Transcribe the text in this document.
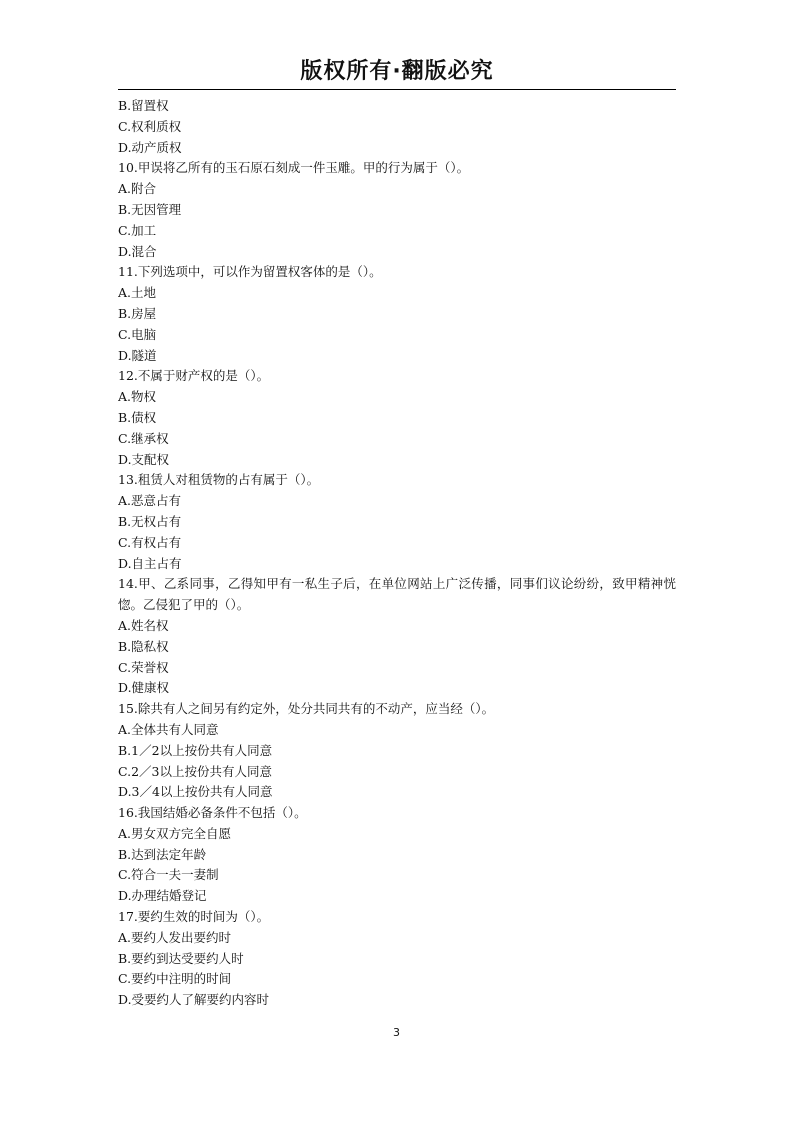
版权所有·翻版必究
B.留置权
C.权利质权
D.动产质权
10.甲误将乙所有的玉石原石刻成一件玉雕。甲的行为属于（）。
A.附合
B.无因管理
C.加工
D.混合
11.下列选项中，可以作为留置权客体的是（）。
A.土地
B.房屋
C.电脑
D.隧道
12.不属于财产权的是（）。
A.物权
B.债权
C.继承权
D.支配权
13.租赁人对租赁物的占有属于（）。
A.恶意占有
B.无权占有
C.有权占有
D.自主占有
14.甲、乙系同事，乙得知甲有一私生子后，在单位网站上广泛传播，同事们议论纷纷，致甲精神恍惚。乙侵犯了甲的（）。
A.姓名权
B.隐私权
C.荣誉权
D.健康权
15.除共有人之间另有约定外，处分共同共有的不动产，应当经（）。
A.全体共有人同意
B.1／2以上按份共有人同意
C.2／3以上按份共有人同意
D.3／4以上按份共有人同意
16.我国结婚必备条件不包括（）。
A.男女双方完全自愿
B.达到法定年龄
C.符合一夫一妻制
D.办理结婚登记
17.要约生效的时间为（）。
A.要约人发出要约时
B.要约到达受要约人时
C.要约中注明的时间
D.受要约人了解要约内容时
3
